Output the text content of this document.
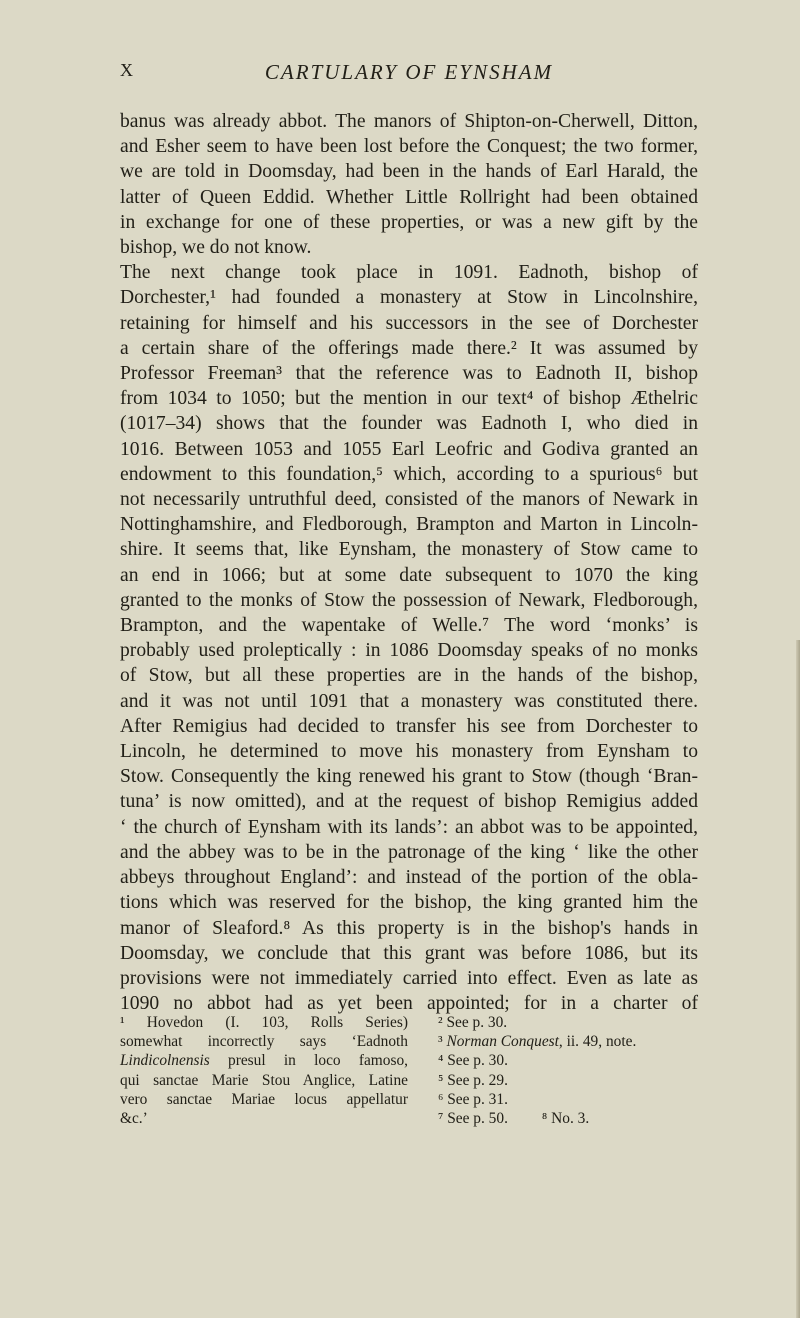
X	CARTULARY OF EYNSHAM
banus was already abbot. The manors of Shipton-on-Cherwell, Ditton,
and Esher seem to have been lost before the Conquest; the two former,
we are told in Doomsday, had been in the hands of Earl Harald, the
latter of Queen Eddid. Whether Little Rollright had been obtained
in exchange for one of these properties, or was a new gift by the
bishop, we do not know.
The next change took place in 1091. Eadnoth, bishop of
Dorchester,¹ had founded a monastery at Stow in Lincolnshire,
retaining for himself and his successors in the see of Dorchester
a certain share of the offerings made there.² It was assumed by
Professor Freeman³ that the reference was to Eadnoth II, bishop
from 1034 to 1050; but the mention in our text⁴ of bishop Æthelric
(1017–34) shows that the founder was Eadnoth I, who died in
1016. Between 1053 and 1055 Earl Leofric and Godiva granted an
endowment to this foundation,⁵ which, according to a spurious⁶ but
not necessarily untruthful deed, consisted of the manors of Newark in
Nottinghamshire, and Fledborough, Brampton and Marton in Lincoln-
shire. It seems that, like Eynsham, the monastery of Stow came to
an end in 1066; but at some date subsequent to 1070 the king
granted to the monks of Stow the possession of Newark, Fledborough,
Brampton, and the wapentake of Welle.⁷ The word ‘monks’ is
probably used proleptically : in 1086 Doomsday speaks of no monks
of Stow, but all these properties are in the hands of the bishop,
and it was not until 1091 that a monastery was constituted there.
After Remigius had decided to transfer his see from Dorchester to
Lincoln, he determined to move his monastery from Eynsham to
Stow. Consequently the king renewed his grant to Stow (though ‘Bran-
tuna’ is now omitted), and at the request of bishop Remigius added
‘ the church of Eynsham with its lands’: an abbot was to be appointed,
and the abbey was to be in the patronage of the king ‘ like the other
abbeys throughout England’: and instead of the portion of the obla-
tions which was reserved for the bishop, the king granted him the
manor of Sleaford.⁸ As this property is in the bishop's hands in
Doomsday, we conclude that this grant was before 1086, but its
provisions were not immediately carried into effect. Even as late as
1090 no abbot had as yet been appointed; for in a charter of
¹ Hovedon (I. 103, Rolls Series)
somewhat incorrectly says ‘Eadnoth
Lindicolnensis presul in loco famoso,
qui sanctae Marie Stou Anglice, Latine
vero sanctae Mariae locus appellatur
&c.’
² See p. 30.
³ Norman Conquest, ii. 49, note.
⁴ See p. 30.
⁵ See p. 29.
⁶ See p. 31.
⁷ See p. 50. ⁸ No. 3.
